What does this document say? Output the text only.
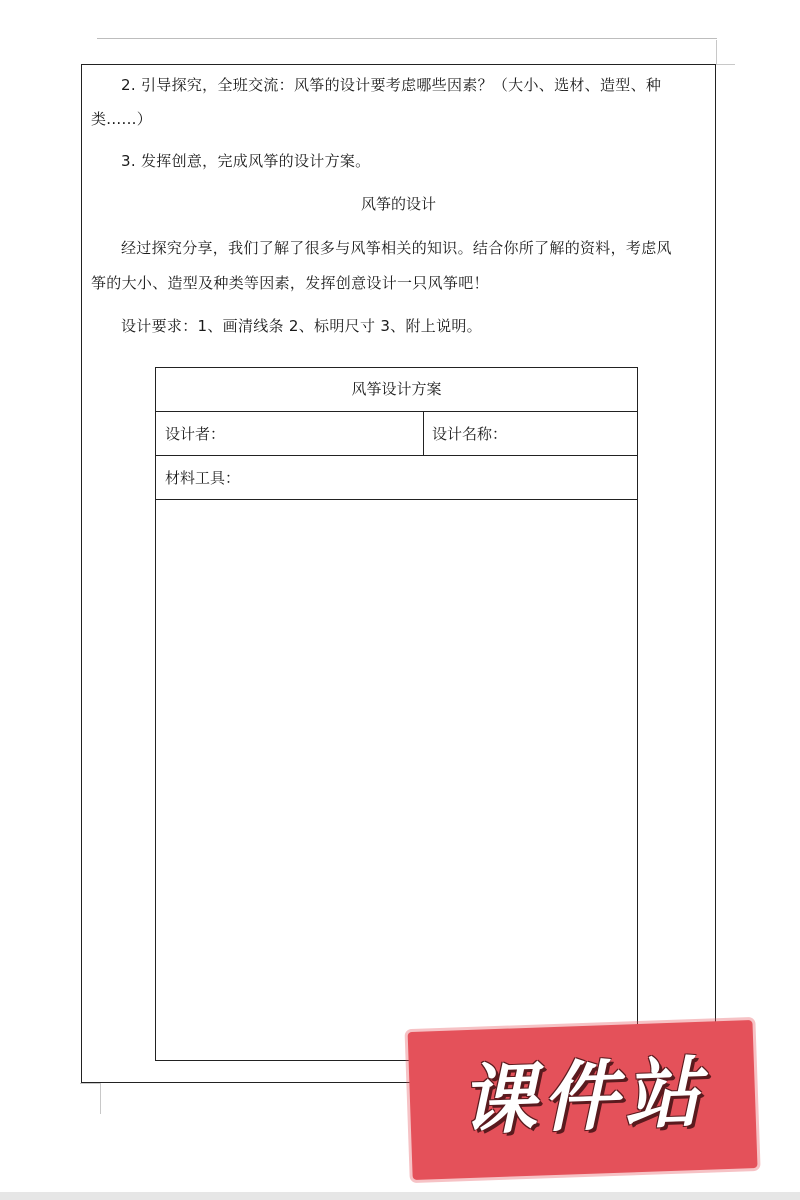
2. 引导探究，全班交流：风筝的设计要考虑哪些因素？（大小、选材、造型、种
类......）
3. 发挥创意，完成风筝的设计方案。
风筝的设计
经过探究分享，我们了解了很多与风筝相关的知识。结合你所了解的资料，考虑风
筝的大小、造型及种类等因素，发挥创意设计一只风筝吧！
设计要求：1、画清线条 2、标明尺寸 3、附上说明。
风筝设计方案
设计者：	设计名称：
材料工具：
课件站
